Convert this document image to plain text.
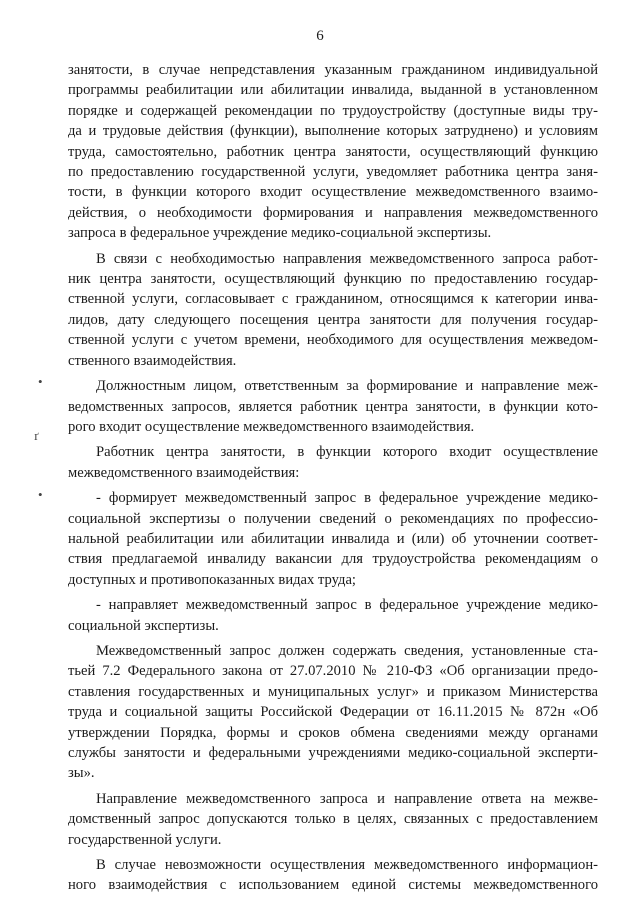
6
•
ґ
•
занятости, в случае непредставления указанным гражданином индивидуальной
программы реабилитации или абилитации инвалида, выданной в установленном
порядке и содержащей рекомендации по трудоустройству (доступные виды тру-
да и трудовые действия (функции), выполнение которых затруднено) и условиям
труда, самостоятельно, работник центра занятости, осуществляющий функцию
по предоставлению государственной услуги, уведомляет работника центра заня-
тости, в функции которого входит осуществление межведомственного взаимо-
действия, о необходимости формирования и направления межведомственного
запроса в федеральное учреждение медико-социальной экспертизы.
В связи с необходимостью направления межведомственного запроса работ-
ник центра занятости, осуществляющий функцию по предоставлению государ-
ственной услуги, согласовывает с гражданином, относящимся к категории инва-
лидов, дату следующего посещения центра занятости для получения государ-
ственной услуги с учетом времени, необходимого для осуществления межведом-
ственного взаимодействия.
Должностным лицом, ответственным за формирование и направление меж-
ведомственных запросов, является работник центра занятости, в функции кото-
рого входит осуществление межведомственного взаимодействия.
Работник центра занятости, в функции которого входит осуществление
межведомственного взаимодействия:
- формирует межведомственный запрос в федеральное учреждение медико-
социальной экспертизы о получении сведений о рекомендациях по профессио-
нальной реабилитации или абилитации инвалида и (или) об уточнении соответ-
ствия предлагаемой инвалиду вакансии для трудоустройства рекомендациям о
доступных и противопоказанных видах труда;
- направляет межведомственный запрос в федеральное учреждение медико-
социальной экспертизы.
Межведомственный запрос должен содержать сведения, установленные ста-
тьей 7.2 Федерального закона от 27.07.2010 № 210-ФЗ «Об организации предо-
ставления государственных и муниципальных услуг» и приказом Министерства
труда и социальной защиты Российской Федерации от 16.11.2015 № 872н «Об
утверждении Порядка, формы и сроков обмена сведениями между органами
службы занятости и федеральными учреждениями медико-социальной эксперти-
зы».
Направление межведомственного запроса и направление ответа на межве-
домственный запрос допускаются только в целях, связанных с предоставлением
государственной услуги.
В случае невозможности осуществления межведомственного информацион-
ного взаимодействия с использованием единой системы межведомственного
